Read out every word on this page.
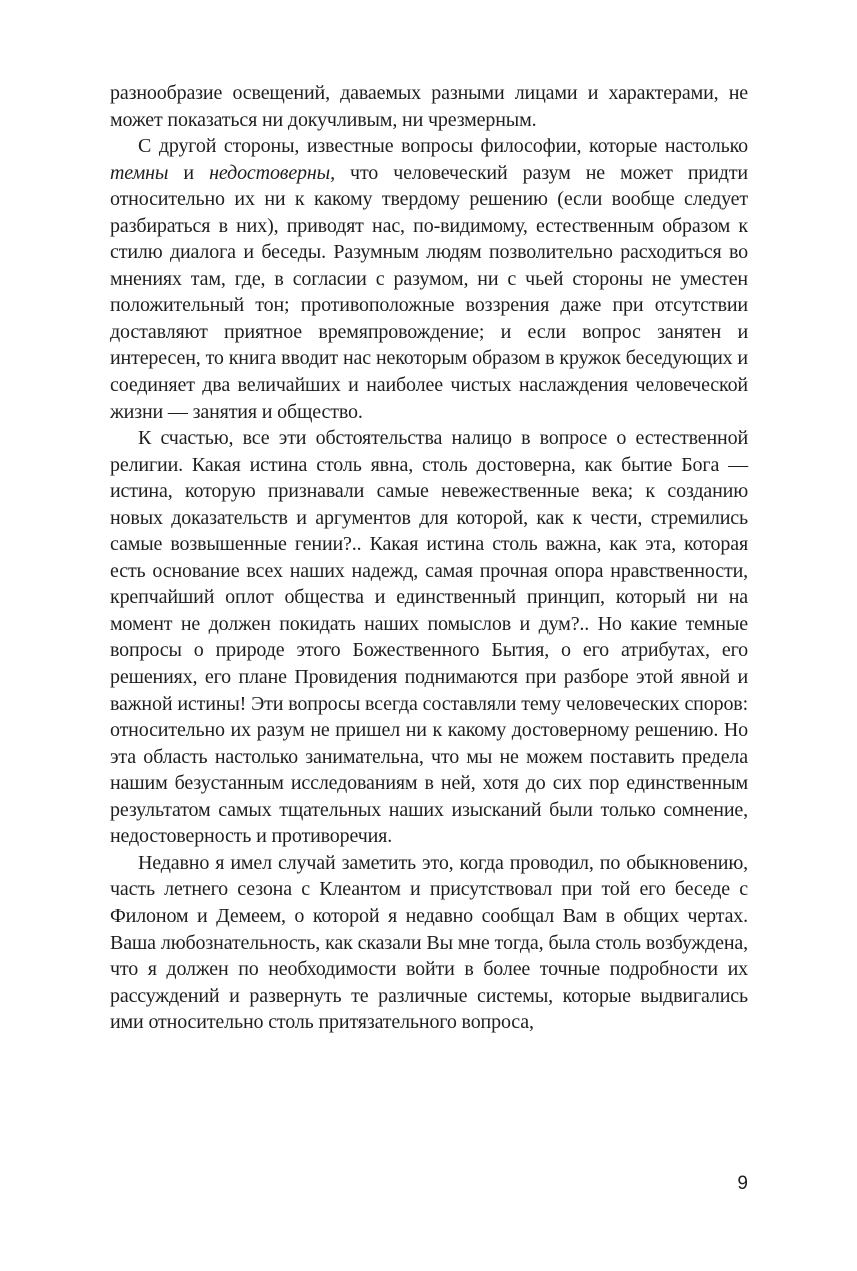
разнообразие освещений, даваемых разными лицами и характерами, не может показаться ни докучливым, ни чрезмерным.

С другой стороны, известные вопросы философии, которые настолько темны и недостоверны, что человеческий разум не может придти относительно их ни к какому твердому решению (если вообще следует разбираться в них), приводят нас, по-видимому, естественным образом к стилю диалога и беседы. Разумным людям позволительно расходиться во мнениях там, где, в согласии с разумом, ни с чьей стороны не уместен положительный тон; противоположные воззрения даже при отсутствии доставляют приятное времяпровождение; и если вопрос занятен и интересен, то книга вводит нас некоторым образом в кружок беседующих и соединяет два величайших и наиболее чистых наслаждения человеческой жизни — занятия и общество.

К счастью, все эти обстоятельства налицо в вопросе о естественной религии. Какая истина столь явна, столь достоверна, как бытие Бога — истина, которую признавали самые невежественные века; к созданию новых доказательств и аргументов для которой, как к чести, стремились самые возвышенные гении?.. Какая истина столь важна, как эта, которая есть основание всех наших надежд, самая прочная опора нравственности, крепчайший оплот общества и единственный принцип, который ни на момент не должен покидать наших помыслов и дум?.. Но какие темные вопросы о природе этого Божественного Бытия, о его атрибутах, его решениях, его плане Провидения поднимаются при разборе этой явной и важной истины! Эти вопросы всегда составляли тему человеческих споров: относительно их разум не пришел ни к какому достоверному решению. Но эта область настолько занимательна, что мы не можем поставить предела нашим безустанным исследованиям в ней, хотя до сих пор единственным результатом самых тщательных наших изысканий были только сомнение, недостоверность и противоречия.

Недавно я имел случай заметить это, когда проводил, по обыкновению, часть летнего сезона с Клеантом и присутствовал при той его беседе с Филоном и Демеем, о которой я недавно сообщал Вам в общих чертах. Ваша любознательность, как сказали Вы мне тогда, была столь возбуждена, что я должен по необходимости войти в более точные подробности их рассуждений и развернуть те различные системы, которые выдвигались ими относительно столь притязательного вопроса,

9
